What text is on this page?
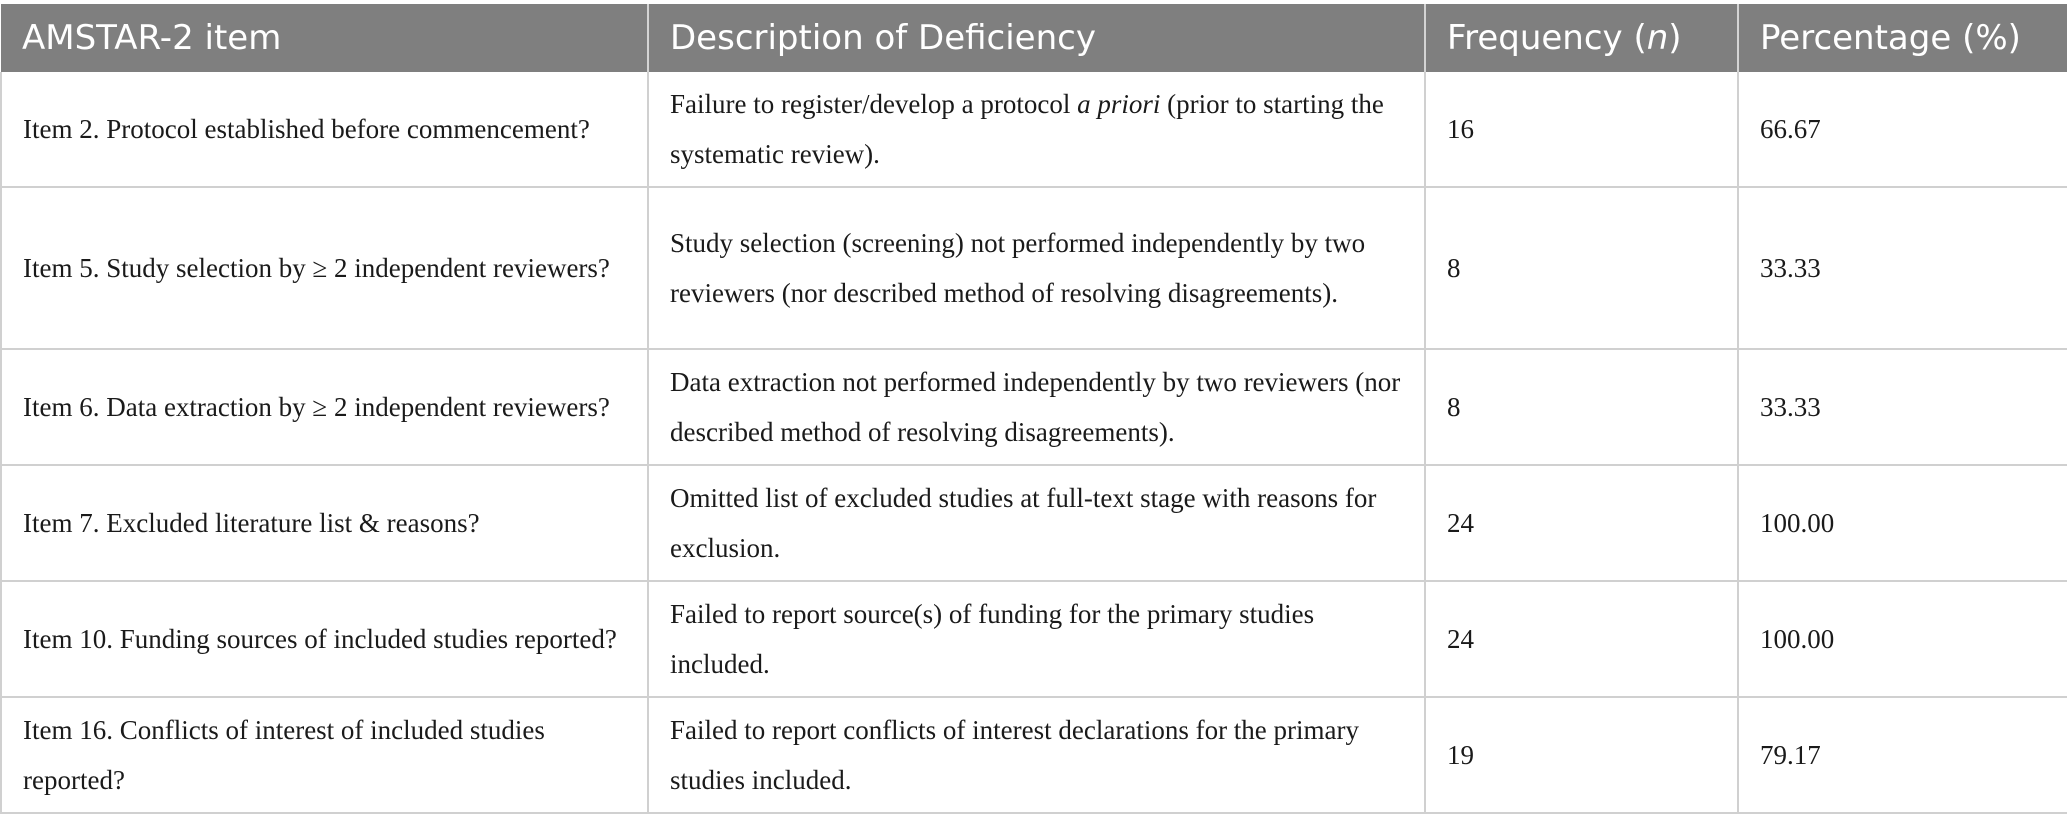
AMSTAR-2 item	Description of Deficiency	Frequency (n)	Percentage (%)
Item 2. Protocol established before commencement?	Failure to register/develop a protocol a priori (prior to starting the systematic review).	16	66.67
Item 5. Study selection by ≥ 2 independent reviewers?	Study selection (screening) not performed independently by two reviewers (nor described method of resolving disagreements).	8	33.33
Item 6. Data extraction by ≥ 2 independent reviewers?	Data extraction not performed independently by two reviewers (nor described method of resolving disagreements).	8	33.33
Item 7. Excluded literature list & reasons?	Omitted list of excluded studies at full-text stage with reasons for exclusion.	24	100.00
Item 10. Funding sources of included studies reported?	Failed to report source(s) of funding for the primary studies included.	24	100.00
Item 16. Conflicts of interest of included studies reported?	Failed to report conflicts of interest declarations for the primary studies included.	19	79.17
